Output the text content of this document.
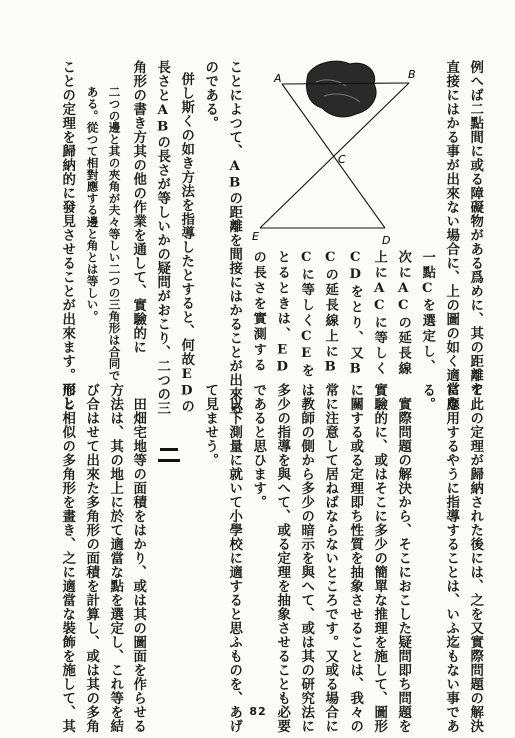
例へば二點間に或る障礙物がある爲めに、其の距離を
直接にはかる事が出來ない場合に、上の圖の如く適當な
A	B
C
D
E
一點Cを選定し、
次にACの延長線
上にACに等しく
CDをとり、又B
Cの延長線上にB
Cに等しくCEを
とるときは、ED
の長さを實測する
ことによつて、ABの距離を間接にはかることが出來る
のである。
併し斯くの如き方法を指導したとすると、何故EDの
長さとABの長さが等しいかの疑問がおこり、二つの三
角形の書き方其の他の作業を通して、實驗的に
二つの邊と其の夾角が夫々等しい二つの三角形は合同で
ある。從つて相對應する邊と角とは等しい。
ことの定理を歸納的に發見させることが出來ます。而し
て此の定理が歸納された後には、之を又實際問題の解決
に應用するやうに指導することは、いふ迄もない事であ
る。
實際問題の解決から、そこにおこした疑問即ち問題を
實驗的に、或はそこに多少の簡單な推理を施して、圖形
に關する或る定理即ち性質を抽象させることは、我々の
常に注意して居ねばならないところです。又或る場合に
は教師の側から多少の暗示を與へて、或は其の研究法に
多少の指導を與へて、或る定理を抽象させることも必要
であると思ひます。
以下測量に就いて小學校に適すると思ふものを、あげ
て見ませう。
田畑宅地等の面積をはかり、或は其の圖面を作らせる
方法は、其の地上に於て適當な點を選定し、これ等を結
び合はせて出來た多角形の面積を計算し、或は其の多角
形と相似の多角形を畫き、之に適當な裝飾を施して、其	82
